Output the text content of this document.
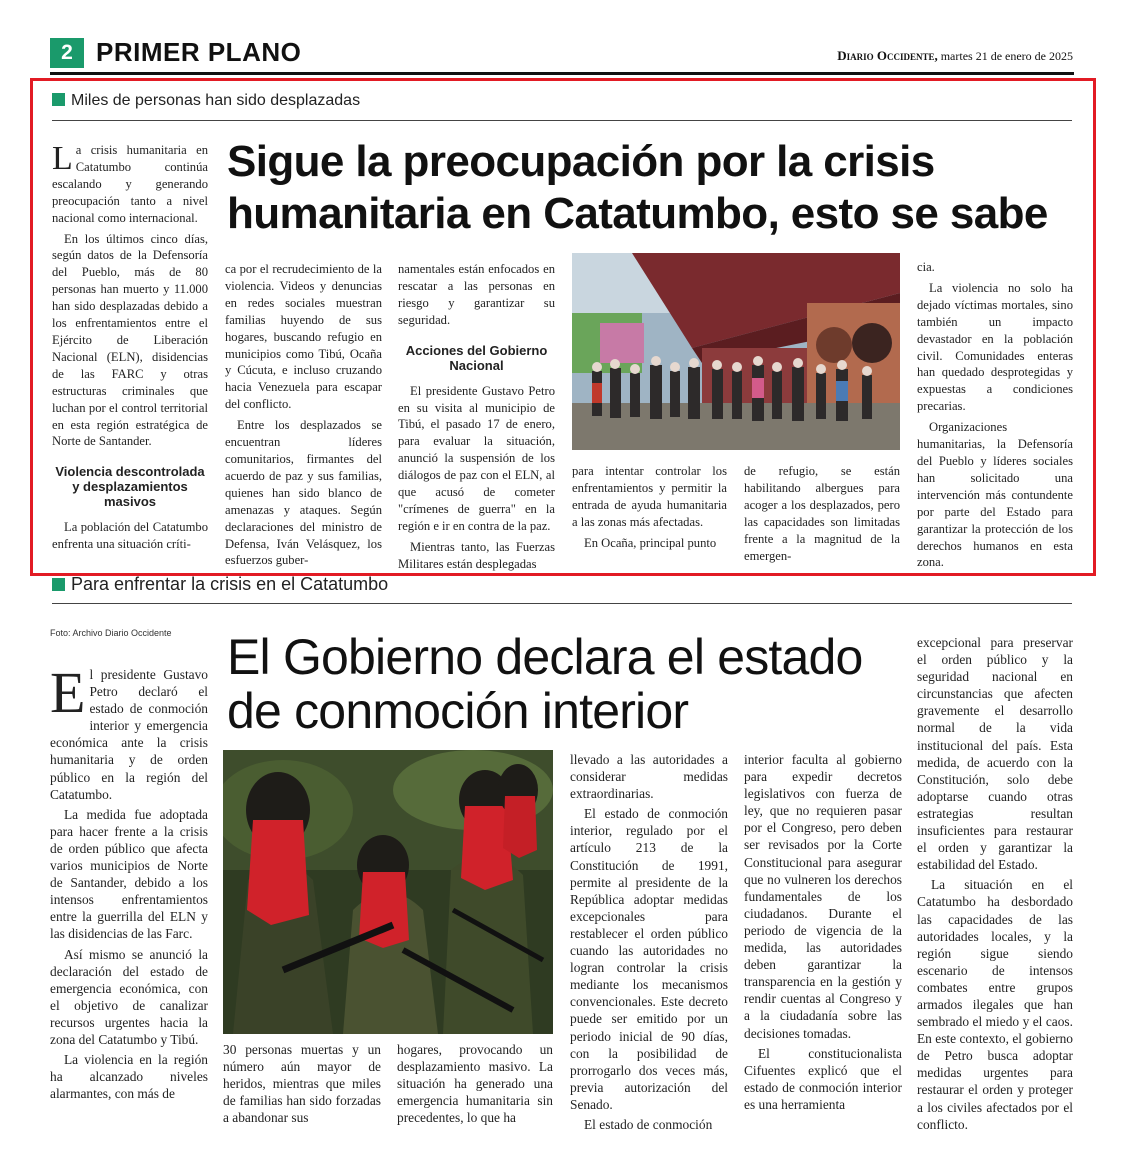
2 PRIMER PLANO	Diario Occidente, martes 21 de enero de 2025
Miles de personas han sido desplazadas
Sigue la preocupación por la crisis humanitaria en Catatumbo, esto se sabe

La crisis humanitaria en Catatumbo continúa escalando y generando preocupación tanto a nivel nacional como internacional.

En los últimos cinco días, según datos de la Defensoría del Pueblo, más de 80 personas han muerto y 11.000 han sido desplazadas debido a los enfrentamientos entre el Ejército de Liberación Nacional (ELN), disidencias de las FARC y otras estructuras criminales que luchan por el control territorial en esta región estratégica de Norte de Santander.

Violencia descontrolada y desplazamientos masivos

La población del Catatumbo enfrenta una situación críti-

ca por el recrudecimiento de la violencia. Videos y denuncias en redes sociales muestran familias huyendo de sus hogares, buscando refugio en municipios como Tibú, Ocaña y Cúcuta, e incluso cruzando hacia Venezuela para escapar del conflicto.

Entre los desplazados se encuentran líderes comunitarios, firmantes del acuerdo de paz y sus familias, quienes han sido blanco de amenazas y ataques. Según declaraciones del ministro de Defensa, Iván Velásquez, los esfuerzos guber-

namentales están enfocados en rescatar a las personas en riesgo y garantizar su seguridad.

Acciones del Gobierno Nacional

El presidente Gustavo Petro en su visita al municipio de Tibú, el pasado 17 de enero, para evaluar la situación, anunció la suspensión de los diálogos de paz con el ELN, al que acusó de cometer "crímenes de guerra" en la región e ir en contra de la paz.

Mientras tanto, las Fuerzas Militares están desplegadas

para intentar controlar los enfrentamientos y permitir la entrada de ayuda humanitaria a las zonas más afectadas.

En Ocaña, principal punto

de refugio, se están habilitando albergues para acoger a los desplazados, pero las capacidades son limitadas frente a la magnitud de la emergen-

cia.

La violencia no solo ha dejado víctimas mortales, sino también un impacto devastador en la población civil. Comunidades enteras han quedado desprotegidas y expuestas a condiciones precarias.

Organizaciones humanitarias, la Defensoría del Pueblo y líderes sociales han solicitado una intervención más contundente por parte del Estado para garantizar la protección de los derechos humanos en esta zona.

Para enfrentar la crisis en el Catatumbo
Foto: Archivo Diario Occidente El Gobierno declara el estado de conmoción interior

El presidente Gustavo Petro declaró el estado de conmoción interior y emergencia económica ante la crisis humanitaria y de orden público en la región del Catatumbo.

La medida fue adoptada para hacer frente a la crisis de orden público que afecta varios municipios de Norte de Santander, debido a los intensos enfrentamientos entre la guerrilla del ELN y las disidencias de las Farc.

Así mismo se anunció la declaración del estado de emergencia económica, con el objetivo de canalizar recursos urgentes hacia la zona del Catatumbo y Tibú.

La violencia en la región ha alcanzado niveles alarmantes, con más de

30 personas muertas y un número aún mayor de heridos, mientras que miles de familias han sido forzadas a abandonar sus

hogares, provocando un desplazamiento masivo. La situación ha generado una emergencia humanitaria sin precedentes, lo que ha

llevado a las autoridades a considerar medidas extraordinarias.

El estado de conmoción interior, regulado por el artículo 213 de la Constitución de 1991, permite al presidente de la República adoptar medidas excepcionales para restablecer el orden público cuando las autoridades no logran controlar la crisis mediante los mecanismos convencionales. Este decreto puede ser emitido por un periodo inicial de 90 días, con la posibilidad de prorrogarlo dos veces más, previa autorización del Senado.

El estado de conmoción

interior faculta al gobierno para expedir decretos legislativos con fuerza de ley, que no requieren pasar por el Congreso, pero deben ser revisados por la Corte Constitucional para asegurar que no vulneren los derechos fundamentales de los ciudadanos. Durante el periodo de vigencia de la medida, las autoridades deben garantizar la transparencia en la gestión y rendir cuentas al Congreso y a la ciudadanía sobre las decisiones tomadas.

El constitucionalista Cifuentes explicó que el estado de conmoción interior es una herramienta

excepcional para preservar el orden público y la seguridad nacional en circunstancias que afecten gravemente el desarrollo normal de la vida institucional del país. Esta medida, de acuerdo con la Constitución, solo debe adoptarse cuando otras estrategias resultan insuficientes para restaurar el orden y garantizar la estabilidad del Estado.

La situación en el Catatumbo ha desbordado las capacidades de las autoridades locales, y la región sigue siendo escenario de intensos combates entre grupos armados ilegales que han sembrado el miedo y el caos. En este contexto, el gobierno de Petro busca adoptar medidas urgentes para restaurar el orden y proteger a los civiles afectados por el conflicto.
